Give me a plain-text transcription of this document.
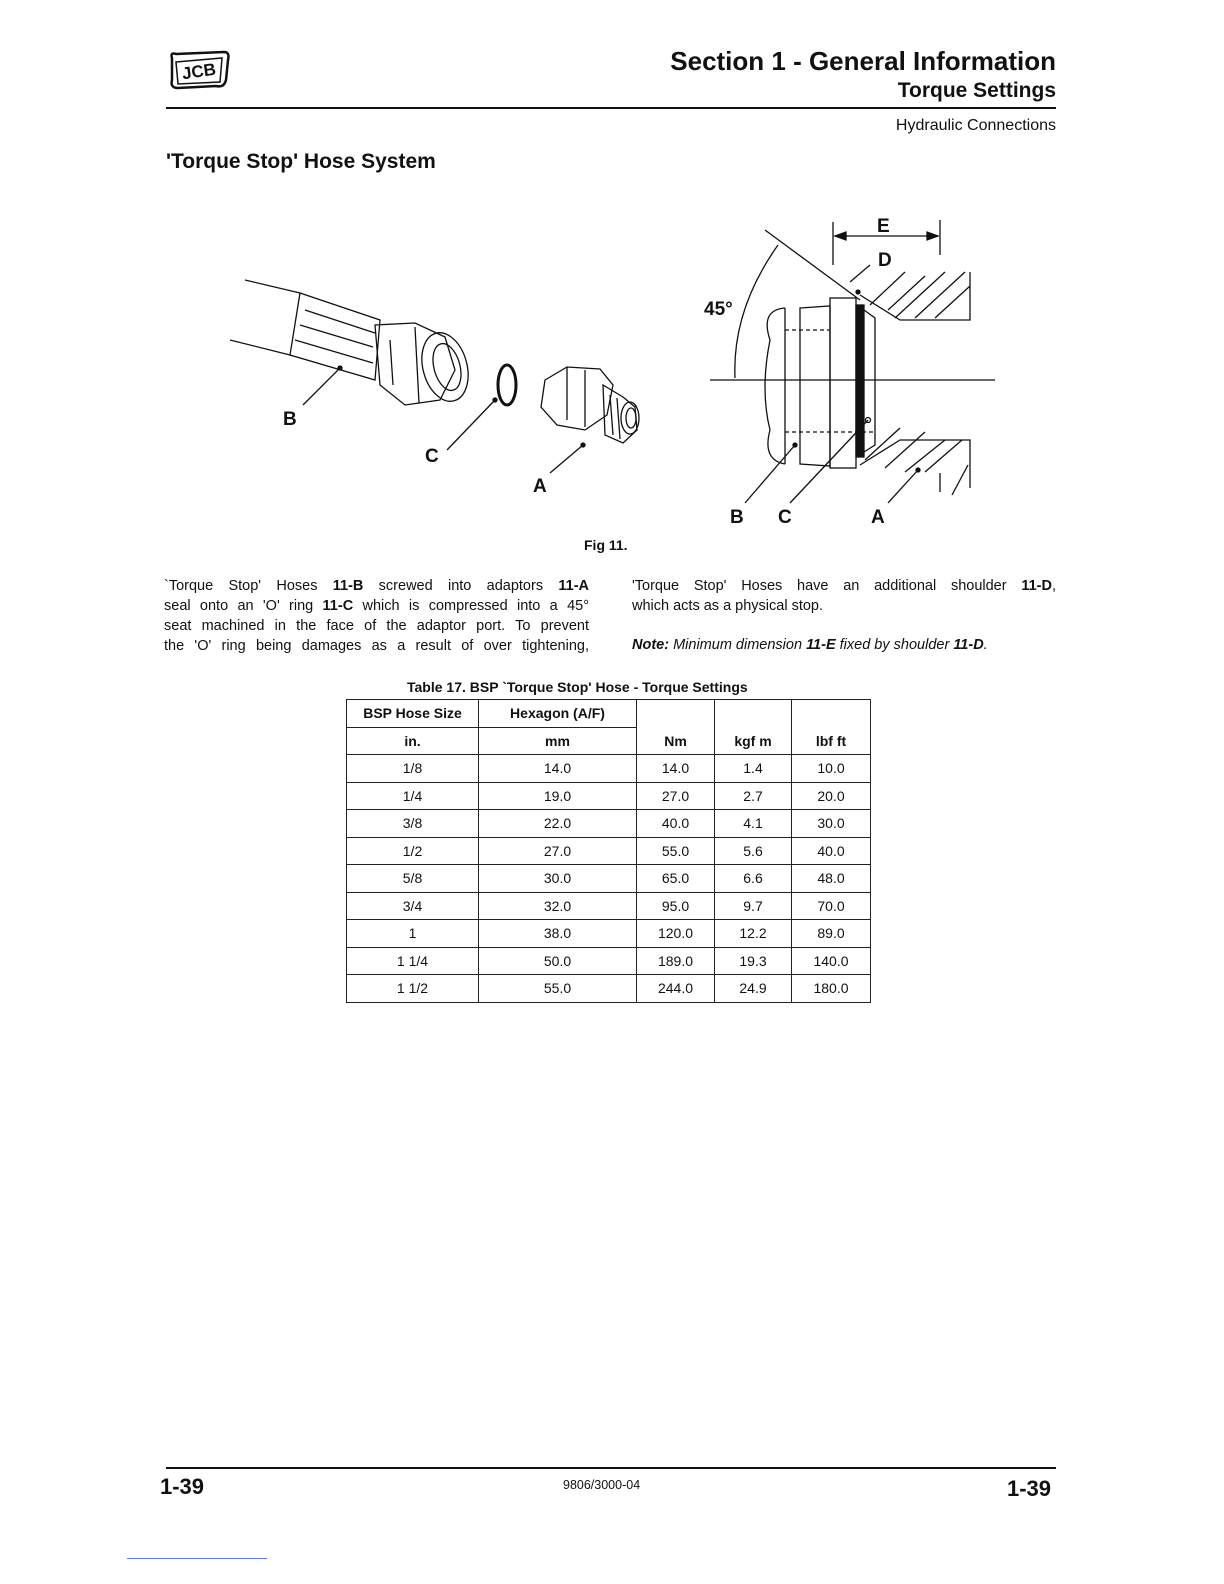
JCB	Section 1 - General Information
Torque Settings
Hydraulic Connections
'Torque Stop' Hose System
B
C
A
E
D
45°
B C	A
Fig 11.
`Torque Stop' Hoses 11-B screwed into adaptors 11-A
seal onto an 'O' ring 11-C which is compressed into a 45°
seat machined in the face of the adaptor port. To prevent
the 'O' ring being damages as a result of over tightening,
'Torque Stop' Hoses have an additional shoulder 11-D,
which acts as a physical stop.
Note: Minimum dimension 11-E fixed by shoulder 11-D.
Table 17. BSP `Torque Stop' Hose - Torque Settings
BSP Hose Size	Hexagon (A/F)			
in.	mm	Nm	kgf m	lbf ft
1/8	14.0	14.0	1.4	10.0
1/4	19.0	27.0	2.7	20.0
3/8	22.0	40.0	4.1	30.0
1/2	27.0	55.0	5.6	40.0
5/8	30.0	65.0	6.6	48.0
3/4	32.0	95.0	9.7	70.0
1	38.0	120.0	12.2	89.0
1 1/4	50.0	189.0	19.3	140.0
1 1/2	55.0	244.0	24.9	180.0
1-39	9806/3000-04	1-39
